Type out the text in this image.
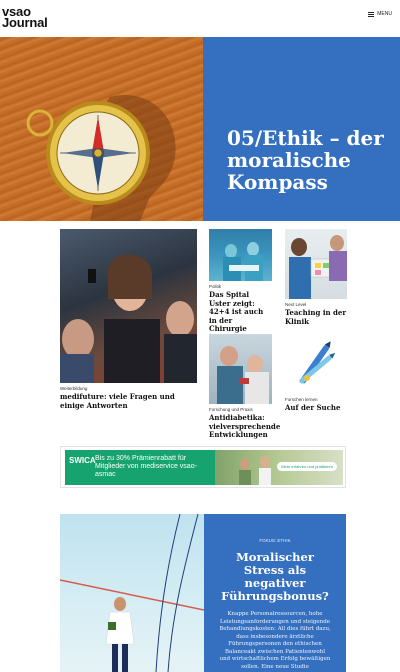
vsao
Journal
MENU
05/Ethik – der moralische Kompass
Weiterbildung
medifuture: viele Fragen und einige Antworten
Politik
Das Spital Uster zeigt: 42+4 ist auch in der Chirurgie
Next Level
Teaching in der Klinik
Forschung und Praxis
Antidiabetika: vielversprechende Entwicklungen
Forschen lernen
Auf der Suche
SWICA Bis zu 30% Prämienrabatt für Mitglieder von mediservice vsao-asmac
Mehr erfahren und profitieren
FOKUS: ETHIK
Moralischer Stress als negativer Führungsbonus?
Knappe Personalressourcen, hohe Leistungsanforderungen und steigende Behandlungskosten: All dies führt dazu, dass insbesondere ärztliche Führungspersonen den ethischen Balanceakt zwischen Patientenwohl und wirtschaftlichem Erfolg bewältigen sollen. Eine neue Studie
